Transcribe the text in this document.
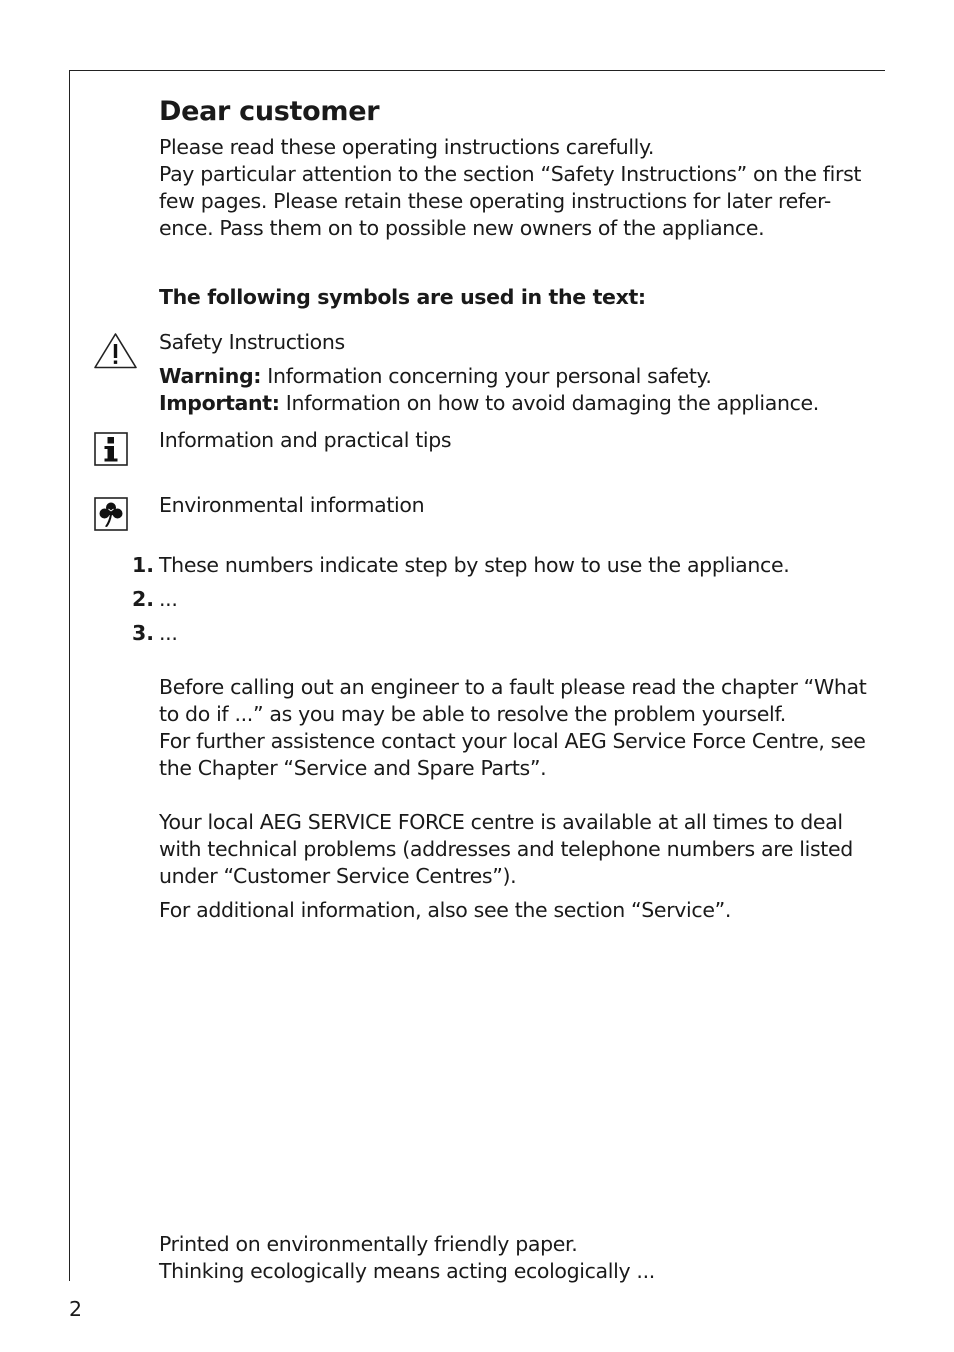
Dear customer

Please read these operating instructions carefully.

Pay particular attention to the section “Safety Instructions” on the first

few pages. Please retain these operating instructions for later refer-

ence. Pass them on to possible new owners of the appliance.

The following symbols are used in the text:

Safety Instructions

Warning: Information concerning your personal safety.

Important: Information on how to avoid damaging the appliance.

Information and practical tips

Environmental information

1. These numbers indicate step by step how to use the appliance.

2. ...

3. ...

Before calling out an engineer to a fault please read the chapter “What

to do if ...” as you may be able to resolve the problem yourself.

For further assistence contact your local AEG Service Force Centre, see

the Chapter “Service and Spare Parts”.

Your local AEG SERVICE FORCE centre is available at all times to deal

with technical problems (addresses and telephone numbers are listed

under “Customer Service Centres”).

For additional information, also see the section “Service”.

Printed on environmentally friendly paper.

Thinking ecologically means acting ecologically ...

2
